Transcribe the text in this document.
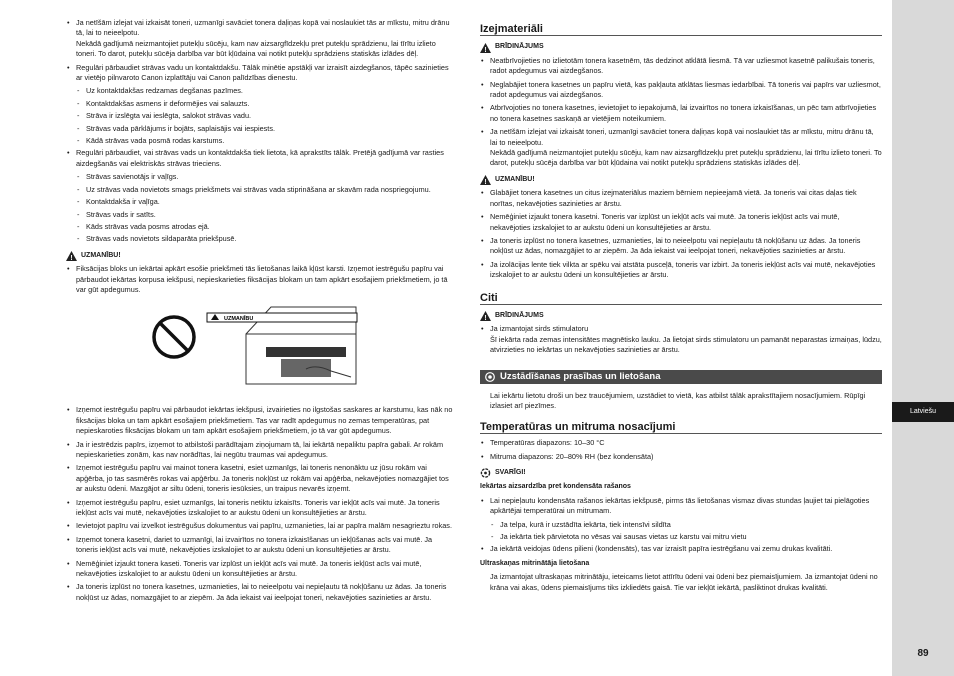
• Ja netīšām izlejat vai izkaisāt toneri, uzmanīgi savāciet tonera daļiņas kopā vai noslaukiet tās ar mīkstu, mitru drānu tā, lai to neieelpotu.
Nekādā gadījumā neizmantojiet putekļu sūcēju, kam nav aizsargfīdzekļu pret putekļu sprādzienu, lai tīrītu izlieto toneri. To darot, putekļu sūcēja darbība var būt kļūdaina vai notikt putekļu sprādziens statiskās izlādes dēļ.
• Regulāri pārbaudiet strāvas vadu un kontaktdakšu. Tālāk minētie apstākļi var izraisīt aizdegšanos, tāpēc sazinieties ar vietējo pilnvaroto Canon izplatītāju vai Canon palīdzības dienestu.
- Uz kontaktdakšas redzamas degšanas pazīmes.
- Kontaktdakšas asmens ir deformējies vai salauzts.
- Strāva ir izslēgta vai ieslēgta, salokot strāvas vadu.
- Strāvas vada pārklājums ir bojāts, saplaisājis vai iespiests.
- Kādā strāvas vada posmā rodas karstums.
• Regulāri pārbaudiet, vai strāvas vads un kontaktdakša tiek lietota, kā aprakstīts tālāk. Pretējā gadījumā var rasties aizdegšanās vai elektriskās strāvas trieciens.
- Strāvas savienotājs ir vaļīgs.
- Uz strāvas vada novietots smags priekšmets vai strāvas vada stiprināšana ar skavām rada nospriegojumu.
- Kontaktdakša ir vaļīga.
- Strāvas vads ir satīts.
- Kāds strāvas vada posms atrodas ejā.
- Strāvas vads novietots sildaparāta priekšpusē.
! UZMANĪBU!
• Fiksācijas bloks un iekārtai apkārt esošie priekšmeti tās lietošanas laikā kļūst karsti. Izņemot iestrēgušu papīru vai pārbaudot iekārtas korpusa iekšpusi, nepieskarieties fiksācijas blokam un tam apkārt esošajiem priekšmetiem, jo tā var gūt apdegumus.
UZMANĪBU
• Izņemot iestrēgušu papīru vai pārbaudot iekārtas iekšpusi, izvairieties no ilgstošas saskares ar karstumu, kas nāk no fiksācijas bloka un tam apkārt esošajiem priekšmetiem. Tas var radīt apdegumus no zemas temperatūras, pat nepieskaroties fiksācijas blokam un tam apkārt esošajiem priekšmetiem, jo tā var gūt apdegumus.
• Ja ir iestrēdzis papīrs, izņemot to atbilstoši parādītajam ziņojumam tā, lai iekārtā nepaliktu papīra gabali. Ar rokām nepieskarieties zonām, kas nav norādītas, lai negūtu traumas vai apdegumus.
• Izņemot iestrēgušu papīru vai mainot tonera kasetni, esiet uzmanīgs, lai toneris nenonāktu uz jūsu rokām vai apģērba, jo tas sasmērēs rokas vai apģērbu. Ja toneris nokļūst uz rokām vai apģērba, nekavējoties nomazgājiet tos ar aukstu ūdeni. Mazgājot ar siltu ūdeni, toneris iesūksies, un traipus nevarēs izņemt.
• Izņemot iestrēgušu papīru, esiet uzmanīgs, lai toneris netiktu izkaisīts. Toneris var iekļūt acīs vai mutē. Ja toneris iekļūst acīs vai mutē, nekavējoties izskalojiet to ar aukstu ūdeni un konsultējieties ar ārstu.
• Ievietojot papīru vai izvelkot iestrēgušus dokumentus vai papīru, uzmanieties, lai ar papīra malām nesagrieztu rokas.
• Izņemot tonera kasetni, dariet to uzmanīgi, lai izvairītos no tonera izkaisīšanas un iekļūšanas acīs vai mutē. Ja toneris iekļūst acīs vai mutē, nekavējoties izskalojiet to ar aukstu ūdeni un konsultējieties ar ārstu.
• Nemēģiniet izjaukt tonera kaseti. Toneris var izplūst un iekļūt acīs vai mutē. Ja toneris iekļūst acīs vai mutē, nekavējoties izskalojiet to ar aukstu ūdeni un konsultējieties ar ārstu.
• Ja toneris izplūst no tonera kasetnes, uzmanieties, lai to neieelpotu vai nepieļautu tā nokļūšanu uz ādas. Ja toneris nokļūst uz ādas, nomazgājiet to ar ziepēm. Ja āda iekaist vai ieelpojat toneri, nekavējoties sazinieties ar ārstu.
Izejmateriāli
! BRĪDINĀJUMS
• Neatbrīvojieties no izlietotām tonera kasetnēm, tās dedzinot atklātā liesmā. Tā var uzliesmot kasetnē palikušais toneris, radot apdegumus vai aizdegšanos.
• Neglabājiet tonera kasetnes un papīru vietā, kas pakļauta atklātas liesmas iedarbībai. Tā toneris vai papīrs var uzliesmot, radot apdegumus vai aizdegšanos.
• Atbrīvojoties no tonera kasetnes, ievietojiet to iepakojumā, lai izvairītos no tonera izkaisīšanas, un pēc tam atbrīvojieties no tonera kasetnes saskaņā ar vietējiem noteikumiem.
• Ja netīšām izlejat vai izkaisāt toneri, uzmanīgi savāciet tonera daļiņas kopā vai noslaukiet tās ar mīkstu, mitru drānu tā, lai to neieelpotu.
Nekādā gadījumā neizmantojiet putekļu sūcēju, kam nav aizsargfīdzekļu pret putekļu sprādzienu, lai tīrītu izlieto toneri. To darot, putekļu sūcēja darbība var būt kļūdaina vai notikt putekļu sprādziens statiskās izlādes dēļ.
! UZMANĪBU!
• Glabājiet tonera kasetnes un citus izejmateriālus maziem bērniem nepieejamā vietā. Ja toneris vai citas daļas tiek norītas, nekavējoties sazinieties ar ārstu.
• Nemēģiniet izjaukt tonera kasetni. Toneris var izplūst un iekļūt acīs vai mutē. Ja toneris iekļūst acīs vai mutē, nekavējoties izskalojiet to ar aukstu ūdeni un konsultējieties ar ārstu.
• Ja toneris izplūst no tonera kasetnes, uzmanieties, lai to neieelpotu vai nepieļautu tā nokļūšanu uz ādas. Ja toneris nokļūst uz ādas, nomazgājiet to ar ziepēm. Ja āda iekaist vai ieelpojat toneri, nekavējoties sazinieties ar ārstu.
• Ja izolācijas lente tiek vilkta ar spēku vai atstāta pusceļā, toneris var izbirt. Ja toneris iekļūst acīs vai mutē, nekavējoties izskalojiet to ar aukstu ūdeni un konsultējieties ar ārstu.
Citi
! BRĪDINĀJUMS
• Ja izmantojat sirds stimulatoru
Šī iekārta rada zemas intensitātes magnētisko lauku. Ja lietojat sirds stimulatoru un pamanāt neparastas izmaiņas, lūdzu, atvirzieties no iekārtas un nekavējoties sazinieties ar ārstu.
Uzstādīšanas prasības un lietošana

Lai iekārtu lietotu droši un bez traucējumiem, uzstādiet to vietā, kas atbilst tālāk aprakstītajiem nosacījumiem. Rūpīgi izlasiet arī piezīmes.

Temperatūras un mitruma nosacījumi
• Temperatūras diapazons: 10–30 °C
• Mitruma diapazons: 20–80% RH (bez kondensāta)
SVARĪGI!
Iekārtas aizsardzība pret kondensāta rašanos
• Lai nepieļautu kondensāta rašanos iekārtas iekšpusē, pirms tās lietošanas vismaz divas stundas ļaujiet tai pielāgoties apkārtējai temperatūrai un mitrumam.
- Ja telpa, kurā ir uzstādīta iekārta, tiek intensīvi sildīta
- Ja iekārta tiek pārvietota no vēsas vai sausas vietas uz karstu vai mitru vietu
• Ja iekārtā veidojas ūdens pilieni (kondensāts), tas var izraisīt papīra iestrēgšanu vai zemu drukas kvalitāti.
Ultraskaņas mitrinātāja lietošana

Ja izmantojat ultraskaņas mitrinātāju, ieteicams lietot attīrītu ūdeni vai ūdeni bez piemaisījumiem. Ja izmantojat ūdeni no krāna vai akas, ūdens piemaisījums tiks izkliedēts gaisā. Tie var iekļūt iekārtā, pasliktinot drukas kvalitāti.

Latviešu
89
